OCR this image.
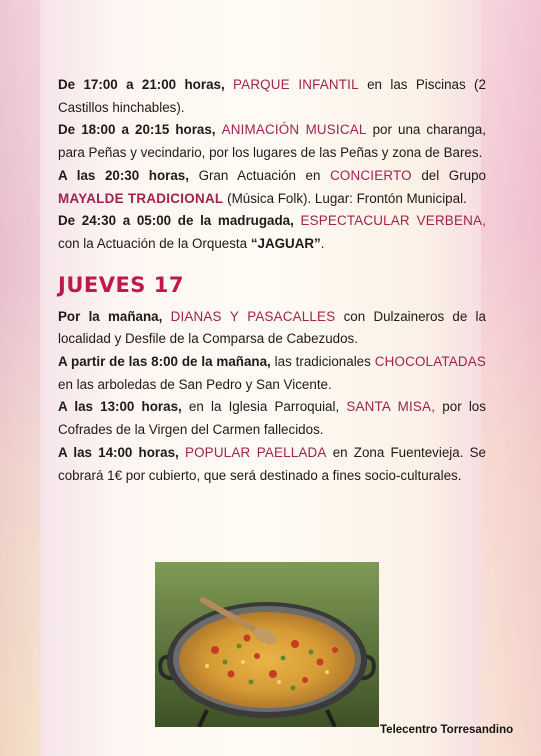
De 17:00 a 21:00 horas, PARQUE INFANTIL en las Piscinas (2 Castillos hinchables).

De 18:00 a 20:15 horas, ANIMACIÓN MUSICAL por una charanga, para Peñas y vecindario, por los lugares de las Peñas y zona de Bares.

A las 20:30 horas, Gran Actuación en CONCIERTO del Grupo MAYALDE TRADICIONAL (Música Folk). Lugar: Frontón Municipal.

De 24:30 a 05:00 de la madrugada, ESPECTACULAR VERBENA, con la Actuación de la Orquesta “JAGUAR”.

JUEVES 17

Por la mañana, DIANAS Y PASACALLES con Dulzaineros de la localidad y Desfile de la Comparsa de Cabezudos.

A partir de las 8:00 de la mañana, las tradicionales CHOCOLATADAS en las arboledas de San Pedro y San Vicente.

A las 13:00 horas, en la Iglesia Parroquial, SANTA MISA, por los Cofrades de la Virgen del Carmen fallecidos.

A las 14:00 horas, POPULAR PAELLADA en Zona Fuentevieja. Se cobrará 1€ por cubierto, que será destinado a fines socio-culturales.

Telecentro Torresandino
